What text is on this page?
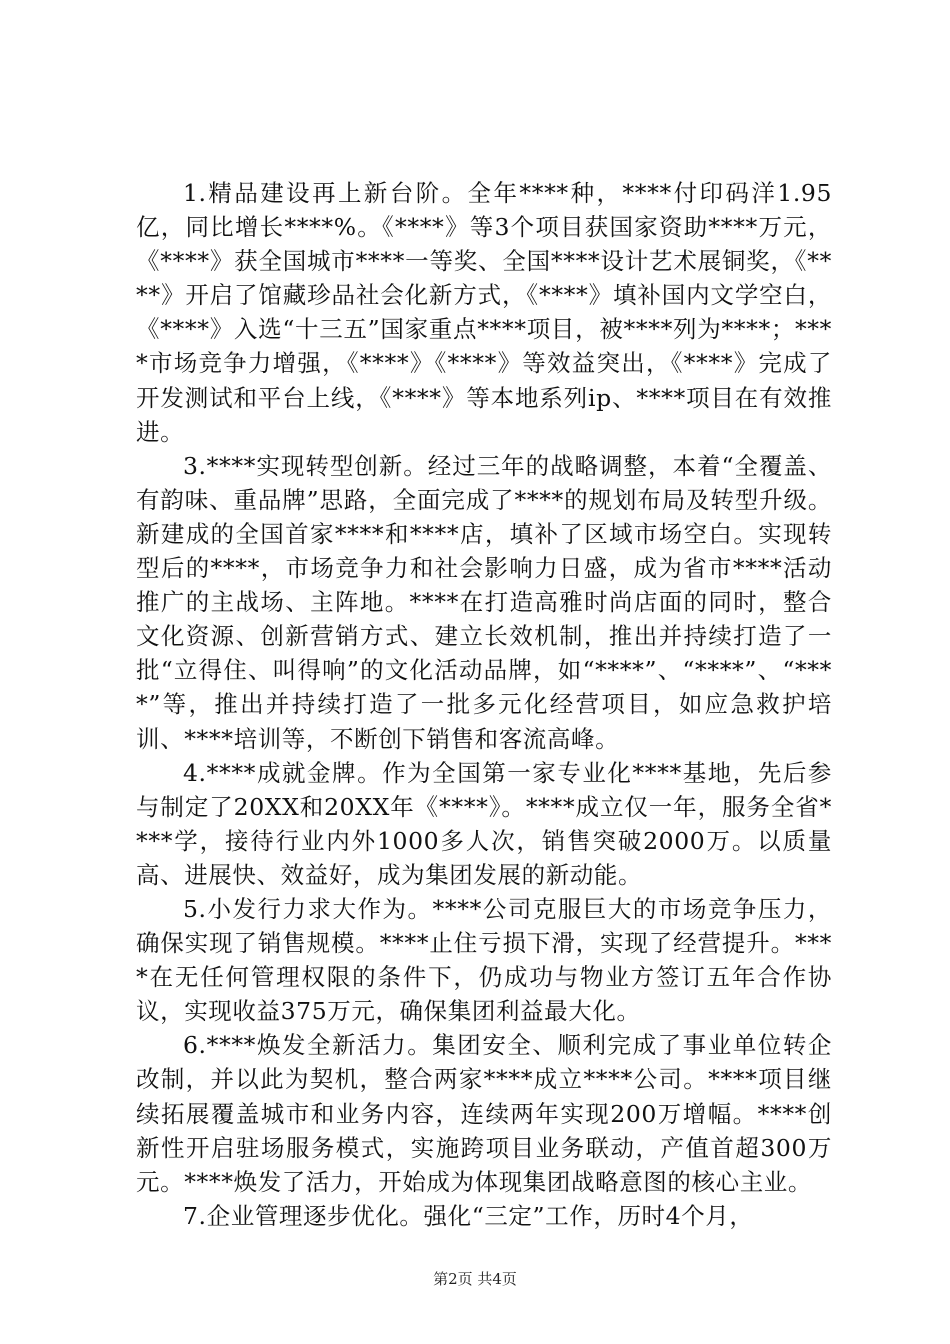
1.精品建设再上新台阶。全年****种，****付印码洋1.95亿，同比增长****%。《****》等3个项目获国家资助****万元，《****》获全国城市****一等奖、全国****设计艺术展铜奖，《****》开启了馆藏珍品社会化新方式，《****》填补国内文学空白，《****》入选“十三五”国家重点****项目，被****列为****；****市场竞争力增强，《****》《****》等效益突出，《****》完成了开发测试和平台上线，《****》等本地系列ip、****项目在有效推进。

3.****实现转型创新。经过三年的战略调整，本着“全覆盖、有韵味、重品牌”思路，全面完成了****的规划布局及转型升级。新建成的全国首家****和****店，填补了区域市场空白。实现转型后的****，市场竞争力和社会影响力日盛，成为省市****活动推广的主战场、主阵地。****在打造高雅时尚店面的同时，整合文化资源、创新营销方式、建立长效机制，推出并持续打造了一批“立得住、叫得响”的文化活动品牌，如“****”、“****”、“****”等，推出并持续打造了一批多元化经营项目，如应急救护培训、****培训等，不断创下销售和客流高峰。

4.****成就金牌。作为全国第一家专业化****基地，先后参与制定了20XX和20XX年《****》。****成立仅一年，服务全省****学，接待行业内外1000多人次，销售突破2000万。以质量高、进展快、效益好，成为集团发展的新动能。

5.小发行力求大作为。****公司克服巨大的市场竞争压力，确保实现了销售规模。****止住亏损下滑，实现了经营提升。****在无任何管理权限的条件下，仍成功与物业方签订五年合作协议，实现收益375万元，确保集团利益最大化。

6.****焕发全新活力。集团安全、顺利完成了事业单位转企改制，并以此为契机，整合两家****成立****公司。****项目继续拓展覆盖城市和业务内容，连续两年实现200万增幅。****创新性开启驻场服务模式，实施跨项目业务联动，产值首超300万元。****焕发了活力，开始成为体现集团战略意图的核心主业。

7.企业管理逐步优化。强化“三定”工作，历时4个月，

第2页 共4页
